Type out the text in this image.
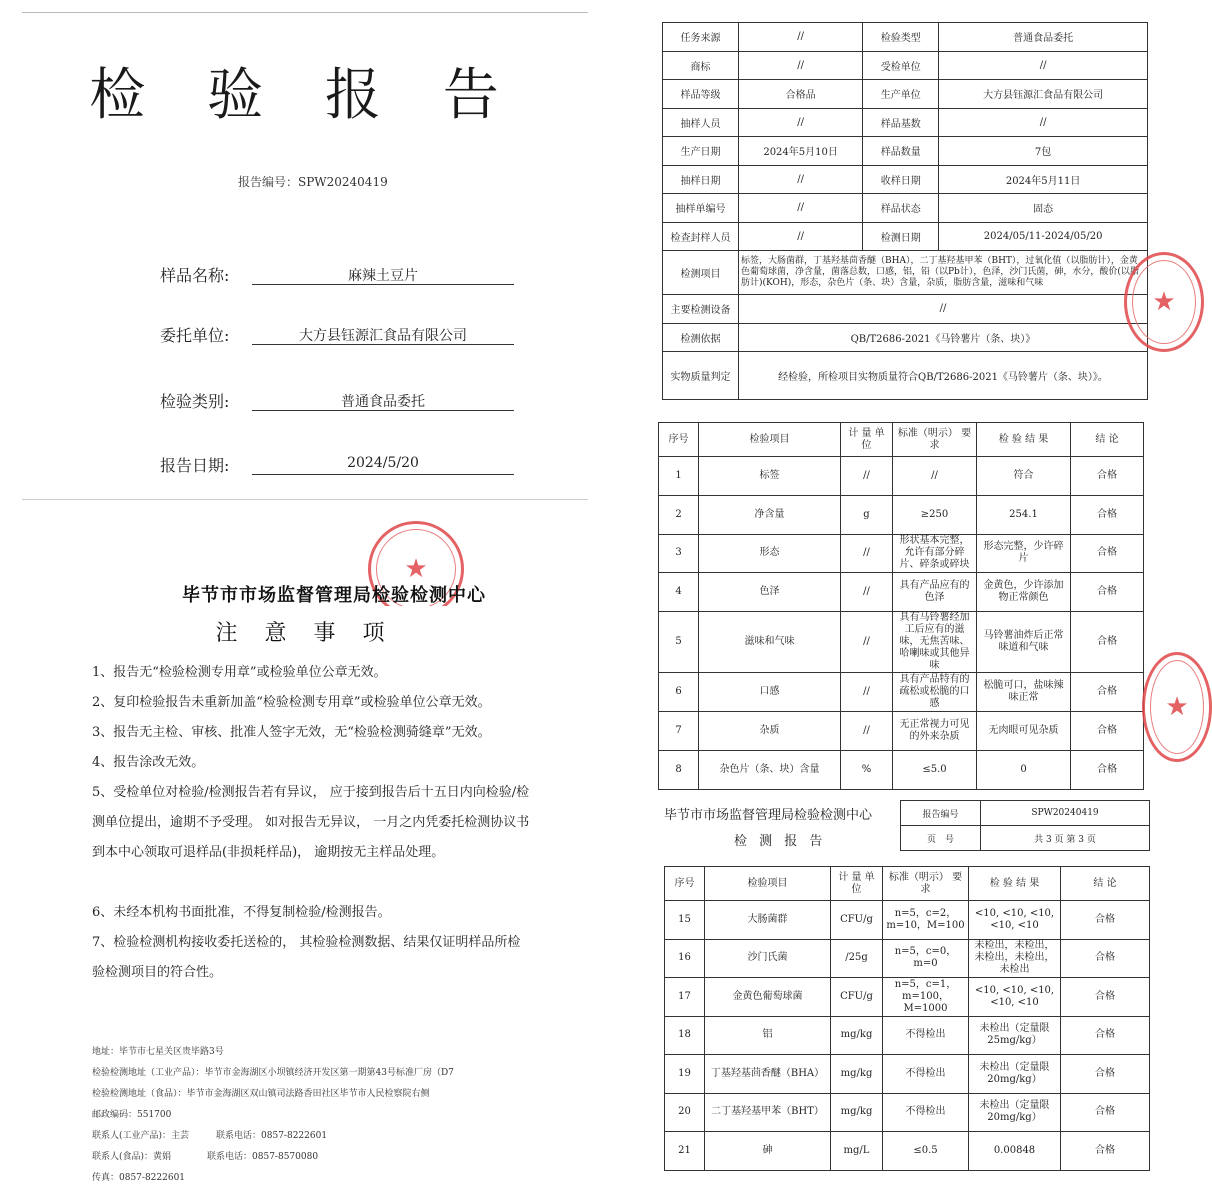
检 验 报 告
报告编号：SPW20240419
样品名称:	麻辣土豆片
委托单位:	大方县钰源汇食品有限公司
检验类别:	普通食品委托
报告日期:	2024/5/20
★
毕节市市场监督管理局检验检测中心
注 意 事 项
1、报告无“检验检测专用章”或检验单位公章无效。
2、复印检验报告未重新加盖“检验检测专用章”或检验单位公章无效。
3、报告无主检、审核、批准人签字无效，无“检验检测骑缝章”无效。
4、报告涂改无效。
5、受检单位对检验/检测报告若有异议， 应于接到报告后十五日内向检验/检测单位提出，逾期不予受理。 如对报告无异议， 一月之内凭委托检测协议书到本中心领取可退样品(非损耗样品)， 逾期按无主样品处理。
6、未经本机构书面批准，不得复制检验/检测报告。
7、检验检测机构接收委托送检的， 其检验检测数据、结果仅证明样品所检验检测项目的符合性。
地址：毕节市七星关区贵毕路3号
检验检测地址（工业产品）：毕节市金海湖区小坝镇经济开发区第一期第43号标准厂房（D7
检验检测地址（食品）：毕节市金海湖区双山镇司法路香田社区毕节市人民检察院右侧
邮政编码：551700
联系人(工业产品)：主芸　　　联系电话：0857-8222601
联系人(食品)：黄娟　　　　联系电话：0857-8570080
传真：0857-8222601
任务来源	//	检验类型	普通食品委托
商标	//	受检单位	//
样品等级	合格品	生产单位	大方县钰源汇食品有限公司
抽样人员	//	样品基数	//
生产日期	2024年5月10日	样品数量	7包
抽样日期	//	收样日期	2024年5月11日
抽样单编号	//	样品状态	固态
检查封样人员	//	检测日期	2024/05/11-2024/05/20
检测项目	标签，大肠菌群，丁基羟基茴香醚（BHA），二丁基羟基甲苯（BHT），过氧化值（以脂肪计），金黄色葡萄球菌，净含量，菌落总数，口感，铝，铅（以Pb计），色泽，沙门氏菌，砷，水分，酸价(以脂肪计)(KOH)，形态，杂色片（条、块）含量，杂质，脂肪含量，滋味和气味		
主要检测设备	//		
检测依据	QB/T2686-2021《马铃薯片（条、块）》		
实物质量判定	经检验，所检项目实物质量符合QB/T2686-2021《马铃薯片（条、块）》。		
★
序号	检验项目	计 量 单 位	标准（明示） 要 求	检 验 结 果	结 论
1	标签	//	//	符合	合格
2	净含量	g	≥250	254.1	合格
3	形态	//	形状基本完整，允许有部分碎片、碎条或碎块	形态完整，少许碎片	合格
4	色泽	//	具有产品应有的色泽	金黄色，少许添加物正常颜色	合格
5	滋味和气味	//	具有马铃薯经加工后应有的滋味，无焦苦味、哈喇味或其他异味	马铃薯油炸后正常味道和气味	合格
6	口感	//	具有产品特有的疏松或松脆的口感	松脆可口，盐味辣味正常	合格
7	杂质	//	无正常视力可见的外来杂质	无肉眼可见杂质	合格
8	杂色片（条、块）含量	%	≤5.0	0	合格
★
毕节市市场监督管理局检验检测中心
检 测 报 告
报告编号	SPW20240419
页　号	共 3 页 第 3 页
序号	检验项目	计 量 单 位	标准（明示） 要 求	检 验 结 果	结 论
15	大肠菌群	CFU/g	n=5，c=2，m=10，M=100	<10, <10, <10, <10, <10	合格
16	沙门氏菌	/25g	n=5，c=0，m=0	未检出，未检出，未检出，未检出，未检出	合格
17	金黄色葡萄球菌	CFU/g	n=5，c=1，m=100，M=1000	<10, <10, <10, <10, <10	合格
18	铝	mg/kg	不得检出	未检出（定量限25mg/kg）	合格
19	丁基羟基茴香醚（BHA）	mg/kg	不得检出	未检出（定量限20mg/kg）	合格
20	二丁基羟基甲苯（BHT）	mg/kg	不得检出	未检出（定量限20mg/kg）	合格
21	砷	mg/L	≤0.5	0.00848	合格
